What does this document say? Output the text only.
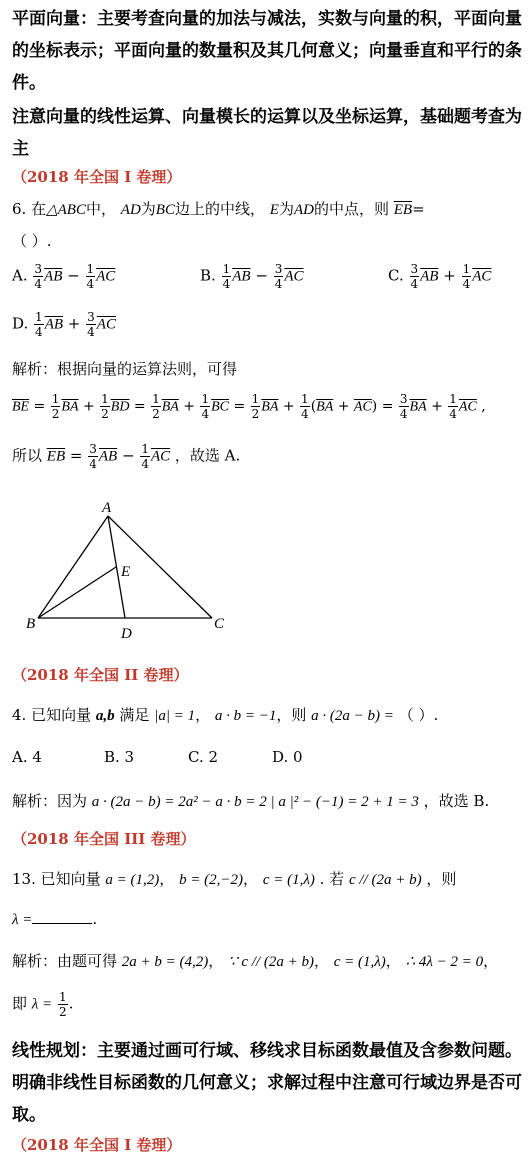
平面向量：主要考查向量的加法与减法，实数与向量的积，平面向量
的坐标表示；平面向量的数量积及其几何意义；向量垂直和平行的条
件。
注意向量的线性运算、向量模长的运算以及坐标运算，基础题考查为
主
（2018 年全国 I 卷理）
6. 在△ABC中， AD为BC边上的中线， E为AD的中点，则 $\overline{EB}=$
（ ）.
A. $\frac{3}{4} \overline{AB} - \frac{1}{4} \overline{AC}$	B. $\frac{1}{4} \overline{AB} - \frac{3}{4} \overline{AC}$	C. $\frac{3}{4} \overline{AB} + \frac{1}{4} \overline{AC}$
D. $\frac{1}{4} \overline{AB} + \frac{3}{4} \overline{AC}$
解析：根据向量的运算法则，可得
$\overline{BE} = \frac{1}{2} \overline{BA} + \frac{1}{2} \overline{BD} = \frac{1}{2} \overline{BA} + \frac{1}{4} \overline{BC} = \frac{1}{2} \overline{BA} + \frac{1}{4} (\overline{BA} + \overline{AC}) = \frac{3}{4} \overline{BA} + \frac{1}{4} \overline{AC}$ ,
所以 $\overline{EB} = \frac{3}{4} \overline{AB} - \frac{1}{4} \overline{AC}$ ，故选 A.
A
B	C
D
E
（2018 年全国 II 卷理）
4. 已知向量 a,b 满足 |a| = 1， a · b = −1，则 a · (2a − b) = （ ）.
A. 4	B. 3	C. 2	D. 0
解析：因为 a · (2a − b) = 2a² − a · b = 2 | a |² − (−1) = 2 + 1 = 3 ，故选 B.
（2018 年全国 III 卷理）
13. 已知向量 a = (1,2)， b = (2,−2)， c = (1,λ) . 若 c // (2a + b) ，则
λ =	.
解析：由题可得 2a + b = (4,2)， ∵ c // (2a + b)， c = (1,λ)， ∴ 4λ − 2 = 0，
即 $\lambda = \frac{1}{2}$ .
线性规划：主要通过画可行域、移线求目标函数最值及含参数问题。
明确非线性目标函数的几何意义；求解过程中注意可行域边界是否可
取。
（2018 年全国 I 卷理）
